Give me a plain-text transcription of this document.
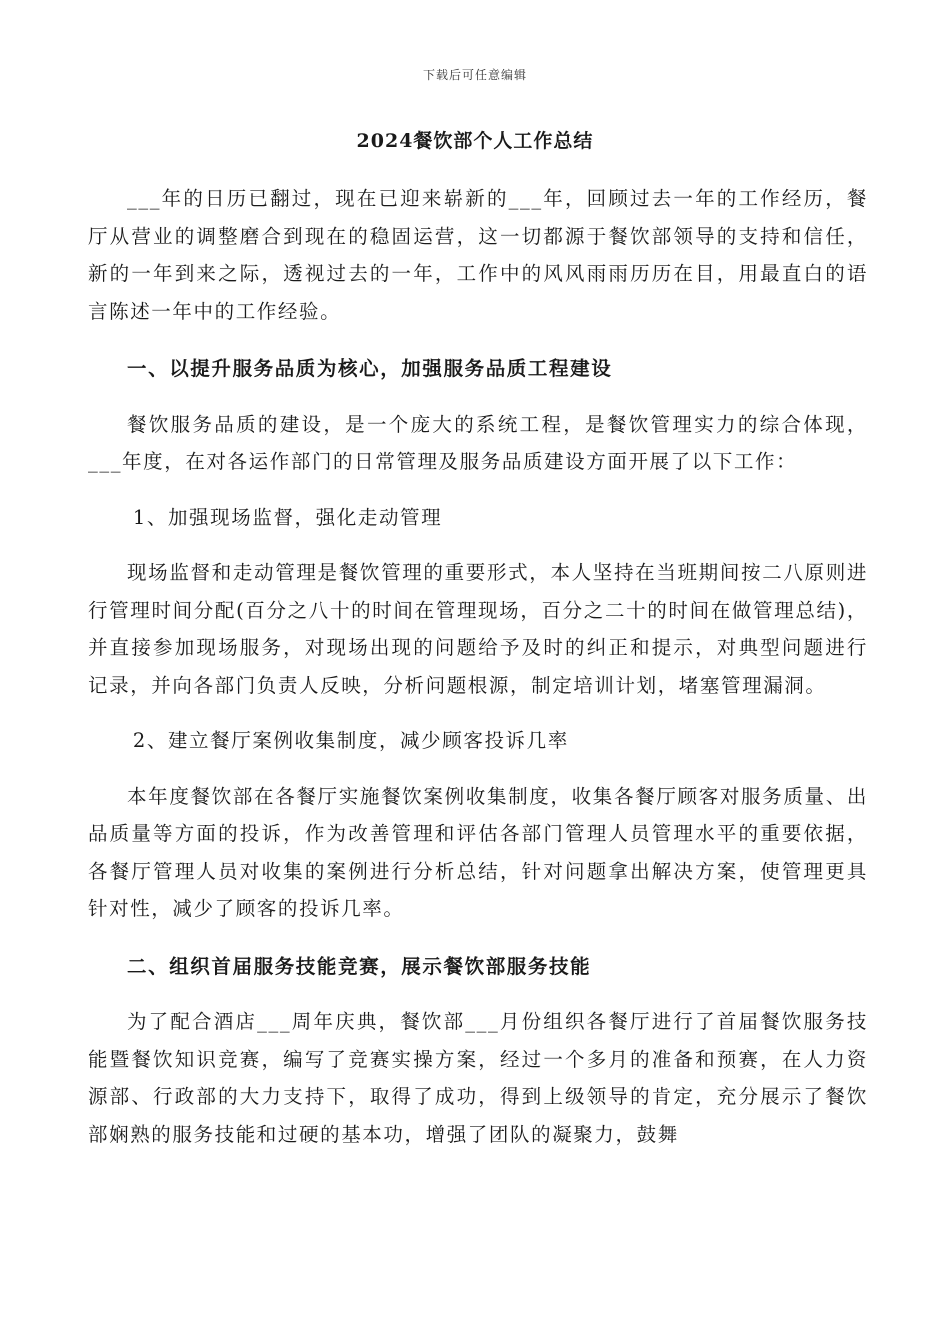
下载后可任意编辑
2024餐饮部个人工作总结

___年的日历已翻过，现在已迎来崭新的___年，回顾过去一年的工作经历，餐厅从营业的调整磨合到现在的稳固运营，这一切都源于餐饮部领导的支持和信任，新的一年到来之际，透视过去的一年，工作中的风风雨雨历历在目，用最直白的语言陈述一年中的工作经验。

一、以提升服务品质为核心，加强服务品质工程建设

餐饮服务品质的建设，是一个庞大的系统工程，是餐饮管理实力的综合体现，___年度，在对各运作部门的日常管理及服务品质建设方面开展了以下工作：

1、加强现场监督，强化走动管理

现场监督和走动管理是餐饮管理的重要形式，本人坚持在当班期间按二八原则进行管理时间分配(百分之八十的时间在管理现场，百分之二十的时间在做管理总结)，并直接参加现场服务，对现场出现的问题给予及时的纠正和提示，对典型问题进行记录，并向各部门负责人反映，分析问题根源，制定培训计划，堵塞管理漏洞。

2、建立餐厅案例收集制度，减少顾客投诉几率

本年度餐饮部在各餐厅实施餐饮案例收集制度，收集各餐厅顾客对服务质量、出品质量等方面的投诉，作为改善管理和评估各部门管理人员管理水平的重要依据，各餐厅管理人员对收集的案例进行分析总结，针对问题拿出解决方案，使管理更具针对性，减少了顾客的投诉几率。

二、组织首届服务技能竞赛，展示餐饮部服务技能

为了配合酒店___周年庆典，餐饮部___月份组织各餐厅进行了首届餐饮服务技能暨餐饮知识竞赛，编写了竞赛实操方案，经过一个多月的准备和预赛，在人力资源部、行政部的大力支持下，取得了成功，得到上级领导的肯定，充分展示了餐饮部娴熟的服务技能和过硬的基本功，增强了团队的凝聚力，鼓舞
